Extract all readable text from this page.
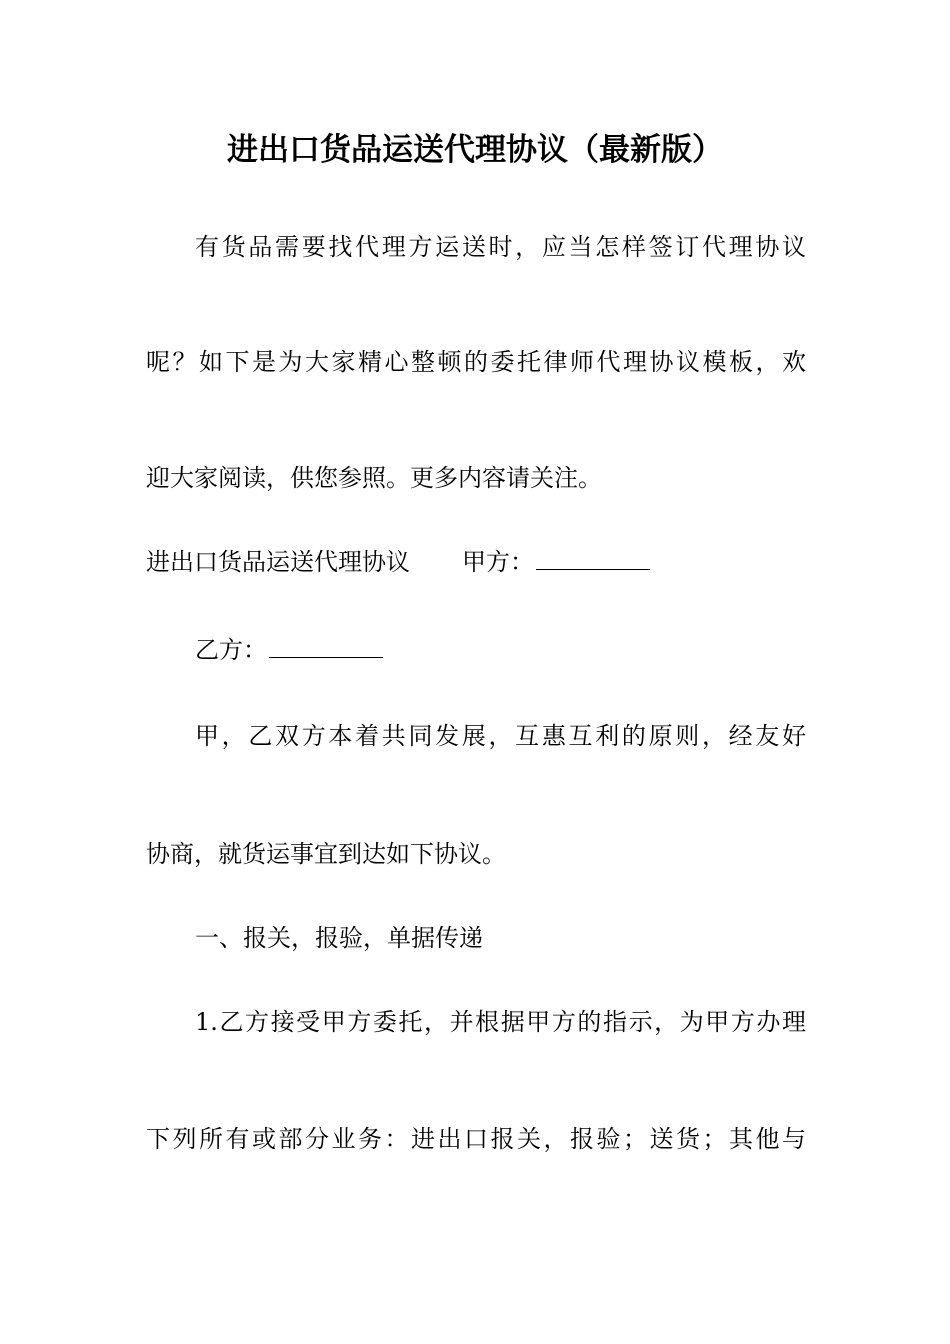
进出口货品运送代理协议（最新版）
有货品需要找代理方运送时，应当怎样签订代理协议
呢？如下是为大家精心整顿的委托律师代理协议模板，欢
迎大家阅读，供您参照。更多内容请关注。
进出口货品运送代理协议 甲方：
乙方：
甲，乙双方本着共同发展，互惠互利的原则，经友好
协商，就货运事宜到达如下协议。
一、报关，报验，单据传递
1.乙方接受甲方委托，并根据甲方的指示，为甲方办理
下列所有或部分业务：进出口报关，报验；送货；其他与
